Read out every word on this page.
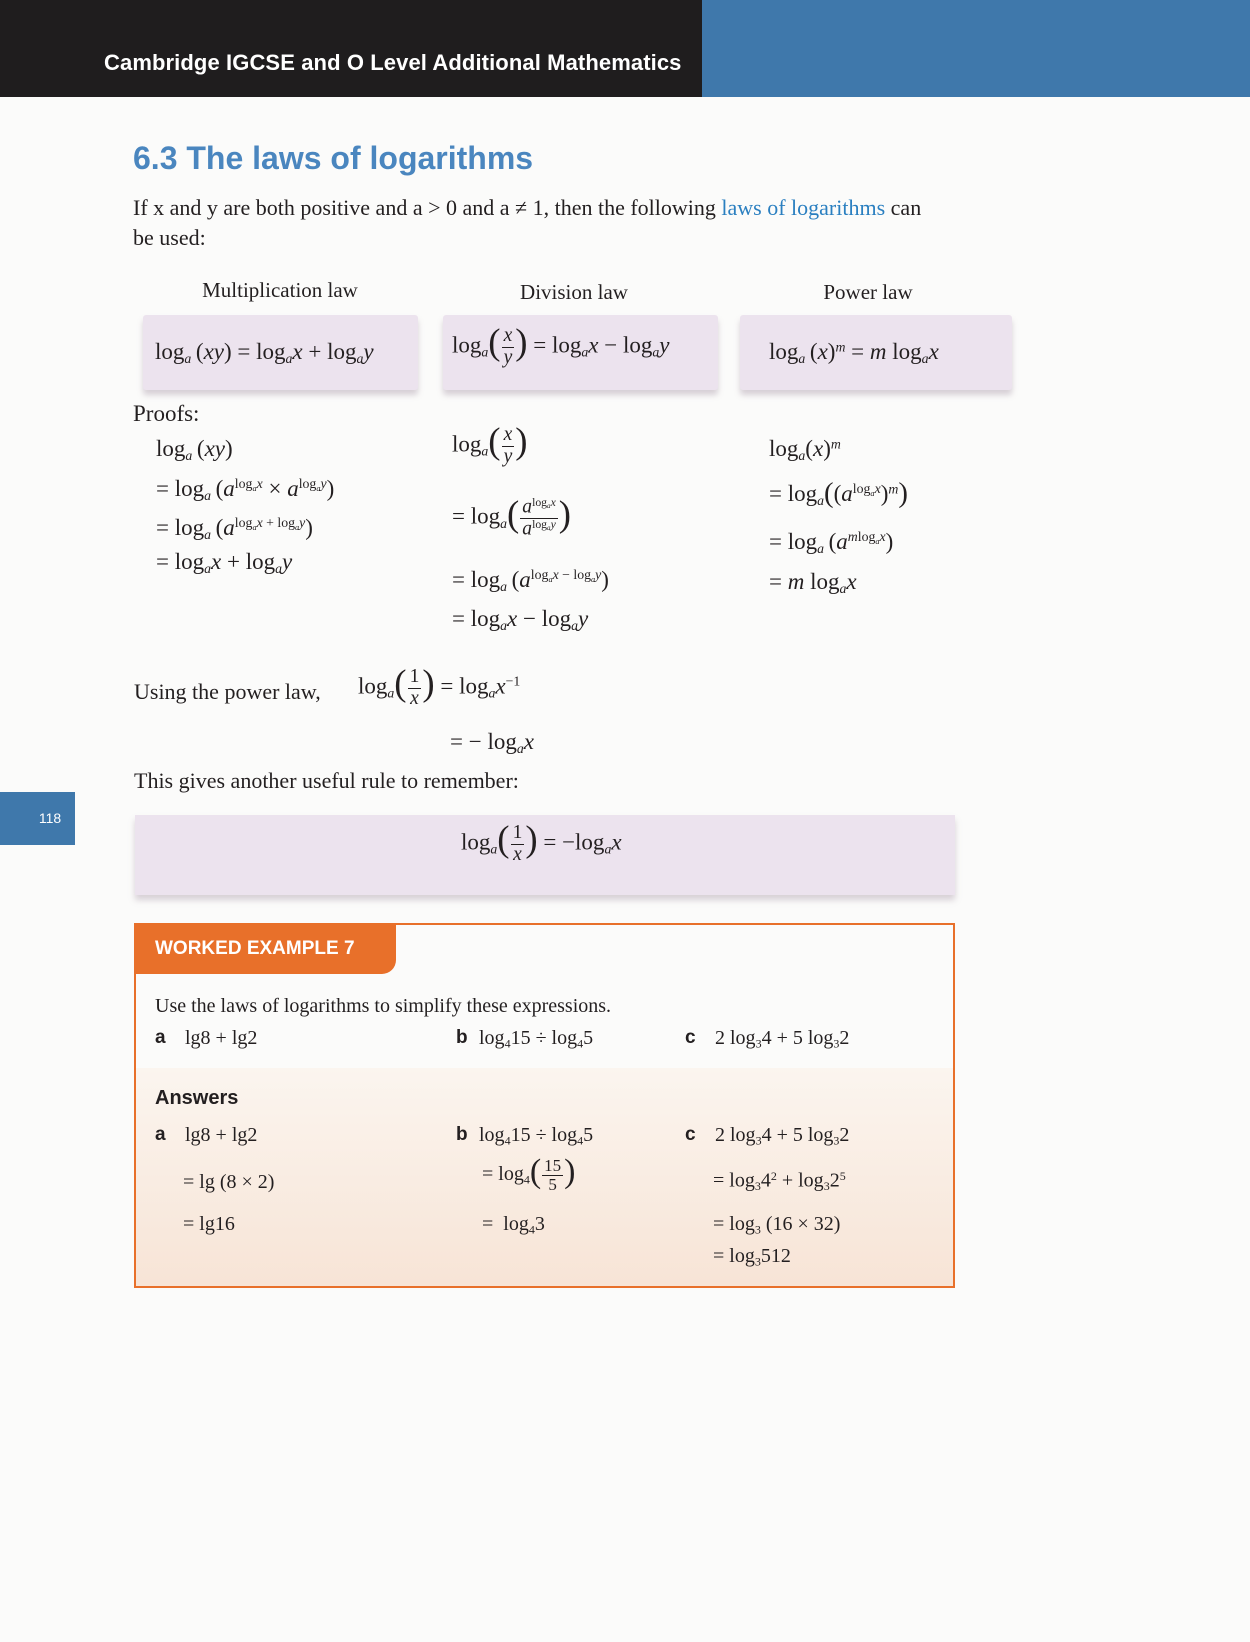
Cambridge IGCSE and O Level Additional Mathematics
118
6.3 The laws of logarithms
If x and y are both positive and a > 0 and a ≠ 1, then the following laws of logarithms can be used:
Multiplication law	Division law	Power law
$\log_a (xy) = \log_ax + \log_ay$	$\log_a( \frac{x}{y}$ ) = $\log_ax - \log_ay$	$\log_a (x)^m = m$ $\log_ax$
Proofs:
$\log_a (xy)$
= $\log_a (a^{log_ax} \times a^{log_ay})$
= $\log_a (a^{log_ax + log_ay})$
= $\log_ax + \log_ay$
$\log_a( \frac{x}{y}$ )
= $\log_a( \frac{a^{log_ax}}{a^{log_ay}}$ )
= $\log_a (a^{log_ax - log_ay})$
= $\log_ax - \log_ay$
$\log_a(x)^m$
= $\log_a((a^{log_ax})^m)$
= $\log_a (a^{mlog_ax})$
= m $\log_ax$
Using the power law, $\log_a( \frac{1}{x}$ ) = $\log_ax^{-1}$
= − $\log_ax$
This gives another useful rule to remember:
$\log_a( \frac{1}{x}$ ) = $-\log_ax$
WORKED EXAMPLE 7
Use the laws of logarithms to simplify these expressions.
a lg8 + lg2	b $\log_415 \div \log_45$	c 2 $\log_34 + 5$ $\log_32$
Answers
a lg8 + lg2
= lg (8 × 2)
= lg16
b $\log_415 \div \log_45$
= $\log_4( \frac{15}{5}$ )
=  $\log_43$
c 2 $\log_34 + 5$ $\log_32$
= $\log_34^2 + \log_32^5$
= $\log_3 (16 \times 32)$
= $\log_3512$
